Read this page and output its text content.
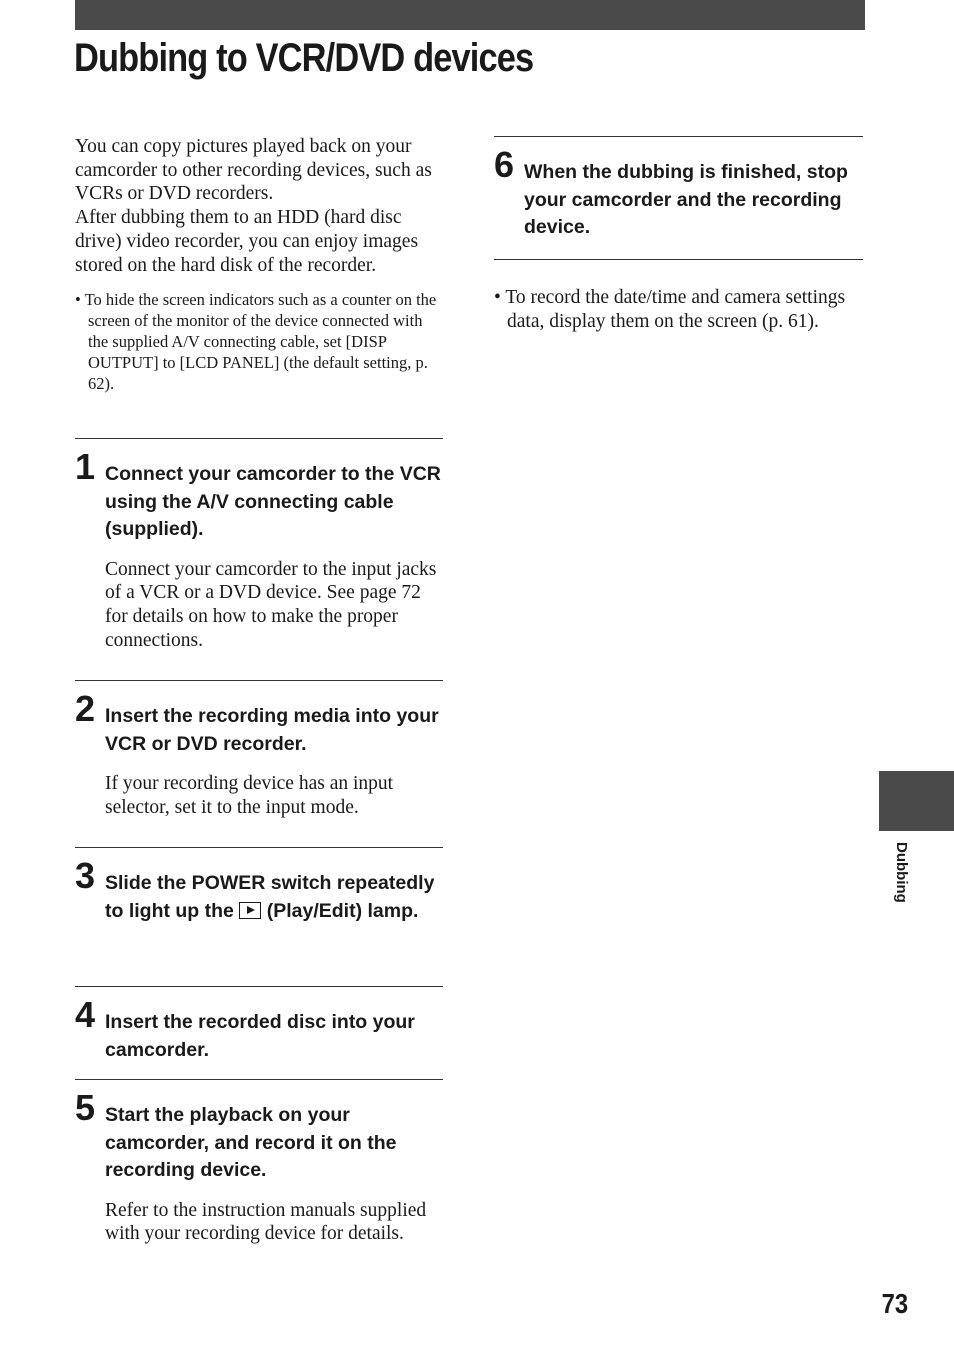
Dubbing to VCR/DVD devices

You can copy pictures played back on your camcorder to other recording devices, such as VCRs or DVD recorders.

After dubbing them to an HDD (hard disc drive) video recorder, you can enjoy images stored on the hard disk of the recorder.

• To hide the screen indicators such as a counter on the screen of the monitor of the device connected with the supplied A/V connecting cable, set [DISP OUTPUT] to [LCD PANEL] (the default setting, p. 62).

1 Connect your camcorder to the VCR using the A/V connecting cable (supplied).

Connect your camcorder to the input jacks of a VCR or a DVD device. See page 72 for details on how to make the proper connections.

2 Insert the recording media into your VCR or DVD recorder.

If your recording device has an input selector, set it to the input mode.

3 Slide the POWER switch repeatedly to light up the (Play/Edit) lamp.

4 Insert the recorded disc into your camcorder.

5 Start the playback on your camcorder, and record it on the recording device.

Refer to the instruction manuals supplied with your recording device for details.

6 When the dubbing is finished, stop your camcorder and the recording device.

• To record the date/time and camera settings data, display them on the screen (p. 61).

Dubbing
73
